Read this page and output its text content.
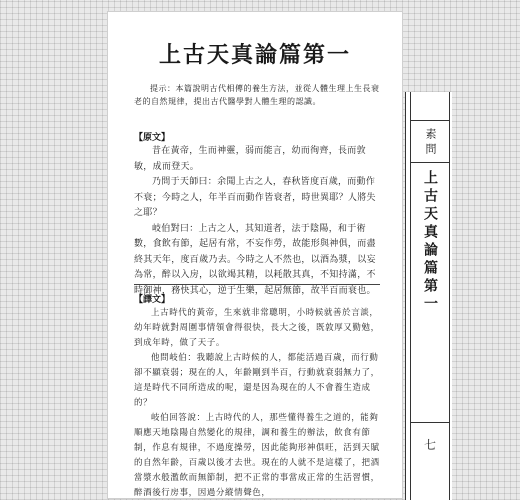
上古天真論篇第一
提示：本篇說明古代相傳的養生方法，並從人體生理上生長衰老的自然規律，提出古代醫學對人體生理的認識。
【原文】

昔在黃帝，生而神靈，弱而能言，幼而徇齊，長而敦敏，成而登天。

乃問于天師曰：余聞上古之人，春秋皆度百歲，而動作不衰；今時之人，年半百而動作皆衰者，時世異耶？人將失之耶？

岐伯對曰：上古之人，其知道者，法于陰陽，和于術數，食飲有節，起居有常，不妄作勞，故能形與神俱，而盡終其天年，度百歲乃去。今時之人不然也，以酒為漿，以妄為常，醉以入房，以欲竭其精，以耗散其真，不知持滿，不時御神，務快其心，逆于生樂，起居無節，故半百而衰也。

【譯文】

上古時代的黃帝，生來就非常聰明，小時候就善於言談，幼年時就對周圍事情領會得很快，長大之後，既敦厚又勤勉，到成年時，做了天子。

他問岐伯：我聽說上古時候的人，都能活過百歲，而行動卻不顯衰弱；現在的人，年齡剛到半百，行動就衰弱無力了，這是時代不同所造成的呢，還是因為現在的人不會養生造成的？

岐伯回答說：上古時代的人，那些懂得養生之道的，能夠順應天地陰陽自然變化的規律，調和養生的辦法，飲食有節制，作息有規律，不過度操勞，因此能夠形神俱旺，活到天賦的自然年齡，百歲以後才去世。現在的人就不是這樣了，把酒當漿水般濫飲而無節制，把不正常的事當成正常的生活習慣，醉酒後行房事，因過分縱情聲色，

素問
上古天真論篇第一
七
